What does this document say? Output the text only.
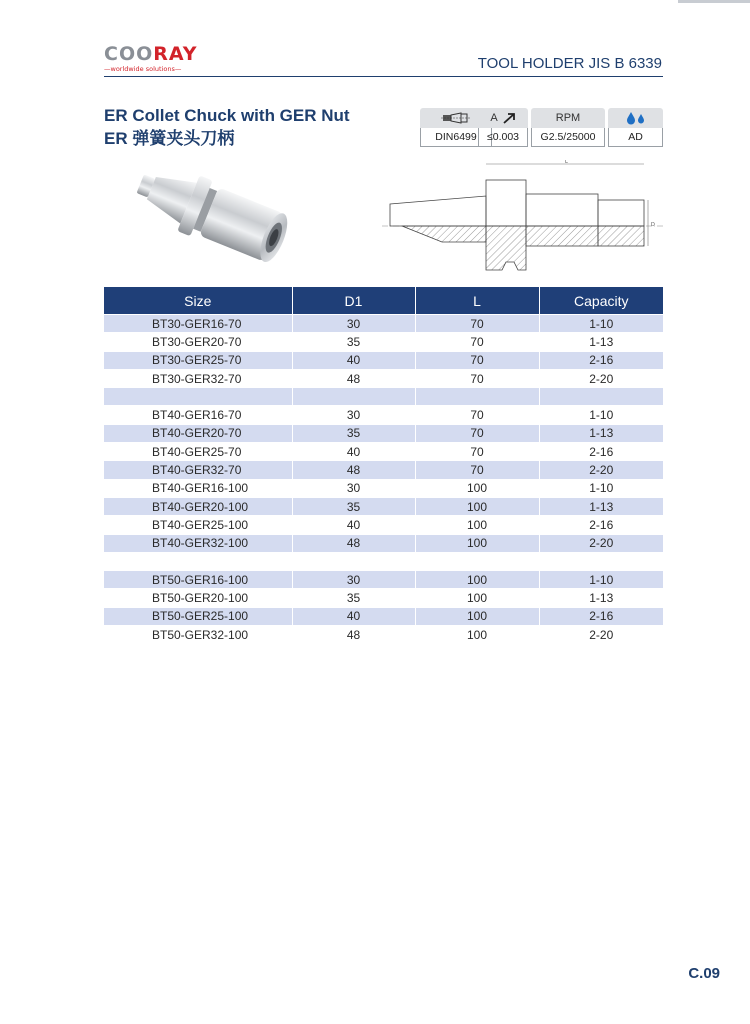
COORAY
—worldwide solutions—	TOOL HOLDER JIS B 6339
ER Collet Chuck with GER Nut
ER 弹簧夹头刀柄	DIN6499
A
≤0.003
RPM
G2.5/25000	AD
L
D
Size	D1	L	Capacity
BT30-GER16-70	30	70	1-10
BT30-GER20-70	35	70	1-13
BT30-GER25-70	40	70	2-16
BT30-GER32-70	48	70	2-20

BT40-GER16-70	30	70	1-10
BT40-GER20-70	35	70	1-13
BT40-GER25-70	40	70	2-16
BT40-GER32-70	48	70	2-20
BT40-GER16-100	30	100	1-10
BT40-GER20-100	35	100	1-13
BT40-GER25-100	40	100	2-16
BT40-GER32-100	48	100	2-20

BT50-GER16-100	30	100	1-10
BT50-GER20-100	35	100	1-13
BT50-GER25-100	40	100	2-16
BT50-GER32-100	48	100	2-20
C.09
